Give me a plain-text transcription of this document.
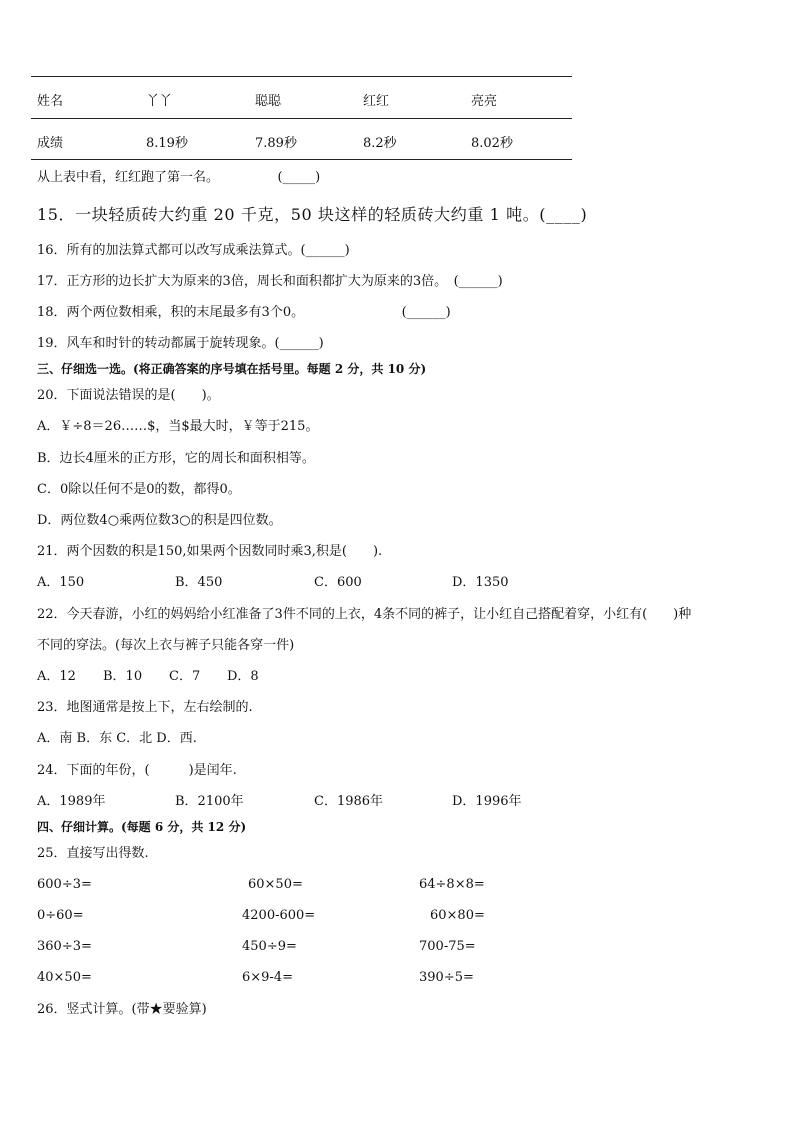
姓名	丫丫	聪聪	红红	亮亮
成绩	8.19秒	7.89秒	8.2秒	8.02秒
从上表中看，红红跑了第一名。　　　　　(_____)
15．一块轻质砖大约重 20 千克，50 块这样的轻质砖大约重 1 吨。(____)
16．所有的加法算式都可以改写成乘法算式。(______)
17．正方形的边长扩大为原来的3倍，周长和面积都扩大为原来的3倍。　(______)
18．两个两位数相乘，积的末尾最多有3个0。　　　　　　　　(______)
19．风车和时针的转动都属于旋转现象。(______)
三、仔细选一选。(将正确答案的序号填在括号里。每题 2 分，共 10 分)
20．下面说法错误的是(　　)。
A．￥÷8＝26……$，当$最大时，￥等于215。
B．边长4厘米的正方形，它的周长和面积相等。
C．0除以任何不是0的数，都得0。
D．两位数4○乘两位数3○的积是四位数。
21．两个因数的积是150,如果两个因数同时乘3,积是(　　).
A．150	B．450	C．600	D．1350
22．今天春游，小红的妈妈给小红准备了3件不同的上衣，4条不同的裤子，让小红自己搭配着穿，小红有(　　)种
不同的穿法。(每次上衣与裤子只能各穿一件)
A．12 B．10 C．7 D．8
23．地图通常是按上下，左右绘制的.
A．南 B．东 C．北 D．西.
24．下面的年份，(　　　)是闰年.
A．1989年	B．2100年	C．1986年	D．1996年
四、仔细计算。(每题 6 分，共 12 分)
25．直接写出得数.
600÷3=	60×50=	64÷8×8=
0÷60=	4200-600=	60×80=
360÷3=	450÷9=	700-75=
40×50=	6×9-4=	390÷5=
26．竖式计算。(带★要验算)
